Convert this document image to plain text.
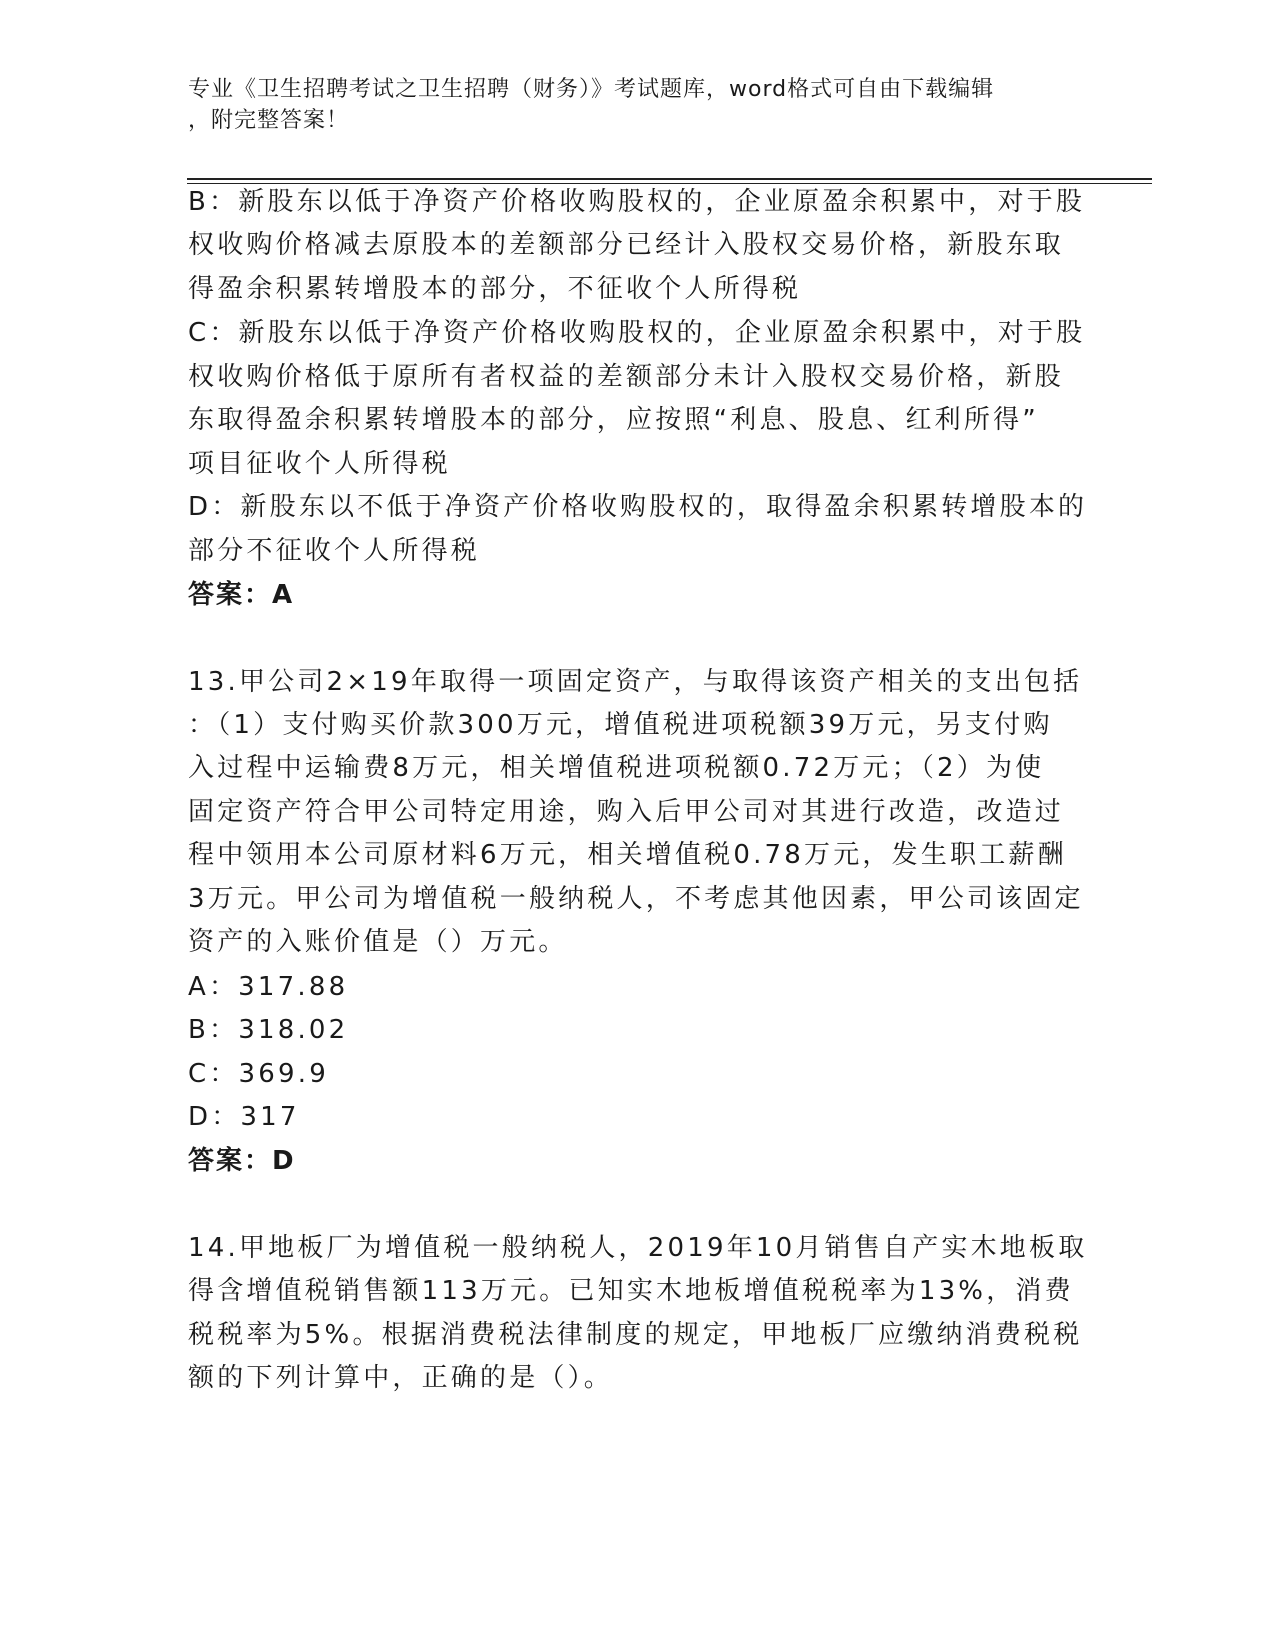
专业《卫生招聘考试之卫生招聘（财务）》考试题库，word格式可自由下载编辑
，附完整答案！
B：新股东以低于净资产价格收购股权的，企业原盈余积累中，对于股
权收购价格减去原股本的差额部分已经计入股权交易价格，新股东取
得盈余积累转增股本的部分，不征收个人所得税
C：新股东以低于净资产价格收购股权的，企业原盈余积累中，对于股
权收购价格低于原所有者权益的差额部分未计入股权交易价格，新股
东取得盈余积累转增股本的部分，应按照“利息、股息、红利所得”
项目征收个人所得税
D：新股东以不低于净资产价格收购股权的，取得盈余积累转增股本的
部分不征收个人所得税
答案：A
13.甲公司2×19年取得一项固定资产，与取得该资产相关的支出包括
：（1）支付购买价款300万元，增值税进项税额39万元，另支付购
入过程中运输费8万元，相关增值税进项税额0.72万元；（2）为使
固定资产符合甲公司特定用途，购入后甲公司对其进行改造，改造过
程中领用本公司原材料6万元，相关增值税0.78万元，发生职工薪酬
3万元。甲公司为增值税一般纳税人，不考虑其他因素，甲公司该固定
资产的入账价值是（）万元。
A：317.88
B：318.02
C：369.9
D：317
答案：D
14.甲地板厂为增值税一般纳税人，2019年10月销售自产实木地板取
得含增值税销售额113万元。已知实木地板增值税税率为13%，消费
税税率为5%。根据消费税法律制度的规定，甲地板厂应缴纳消费税税
额的下列计算中，正确的是（）。
